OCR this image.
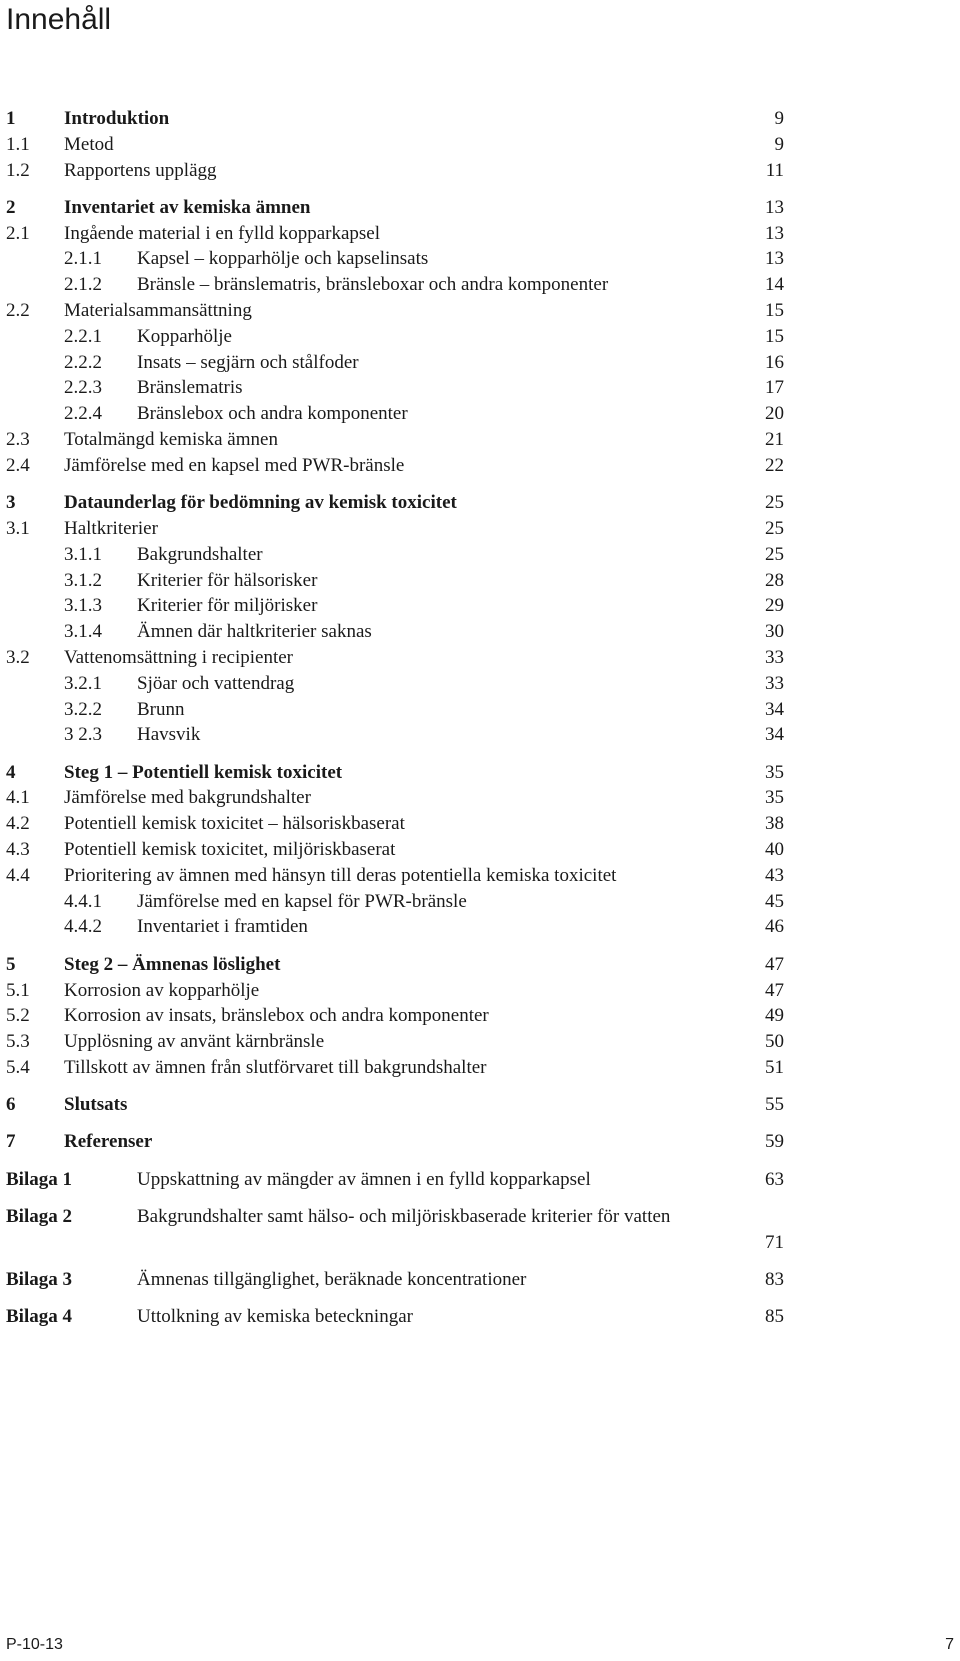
Innehåll
1	Introduktion	9
1.1 Metod	9
1.2 Rapportens upplägg	11
2	Inventariet av kemiska ämnen	13
2.1 Ingående material i en fylld kopparkapsel	13
2.1.1 Kapsel – kopparhölje och kapselinsats	13
2.1.2 Bränsle – bränslematris, bränsleboxar och andra komponenter	14
2.2 Materialsammansättning	15
2.2.1 Kopparhölje	15
2.2.2 Insats – segjärn och stålfoder	16
2.2.3 Bränslematris	17
2.2.4 Bränslebox och andra komponenter	20
2.3 Totalmängd kemiska ämnen	21
2.4 Jämförelse med en kapsel med PWR-bränsle	22
3	Dataunderlag för bedömning av kemisk toxicitet	25
3.1 Haltkriterier	25
3.1.1 Bakgrundshalter	25
3.1.2 Kriterier för hälsorisker	28
3.1.3 Kriterier för miljörisker	29
3.1.4 Ämnen där haltkriterier saknas	30
3.2 Vattenomsättning i recipienter	33
3.2.1 Sjöar och vattendrag	33
3.2.2 Brunn	34
3 2.3 Havsvik	34
4	Steg 1 – Potentiell kemisk toxicitet	35
4.1 Jämförelse med bakgrundshalter	35
4.2 Potentiell kemisk toxicitet – hälsoriskbaserat	38
4.3 Potentiell kemisk toxicitet, miljöriskbaserat	40
4.4 Prioritering av ämnen med hänsyn till deras potentiella kemiska toxicitet	43
4.4.1 Jämförelse med en kapsel för PWR-bränsle	45
4.4.2 Inventariet i framtiden	46
5	Steg 2 – Ämnenas löslighet	47
5.1 Korrosion av kopparhölje	47
5.2 Korrosion av insats, bränslebox och andra komponenter	49
5.3 Upplösning av använt kärnbränsle	50
5.4 Tillskott av ämnen från slutförvaret till bakgrundshalter	51
6	Slutsats	55
7	Referenser	59
Bilaga 1	Uppskattning av mängder av ämnen i en fylld kopparkapsel	63
Bilaga 2	Bakgrundshalter samt hälso- och miljöriskbaserade kriterier för vatten
71
Bilaga 3	Ämnenas tillgänglighet, beräknade koncentrationer	83
Bilaga 4	Uttolkning av kemiska beteckningar	85
P-10-13	7
